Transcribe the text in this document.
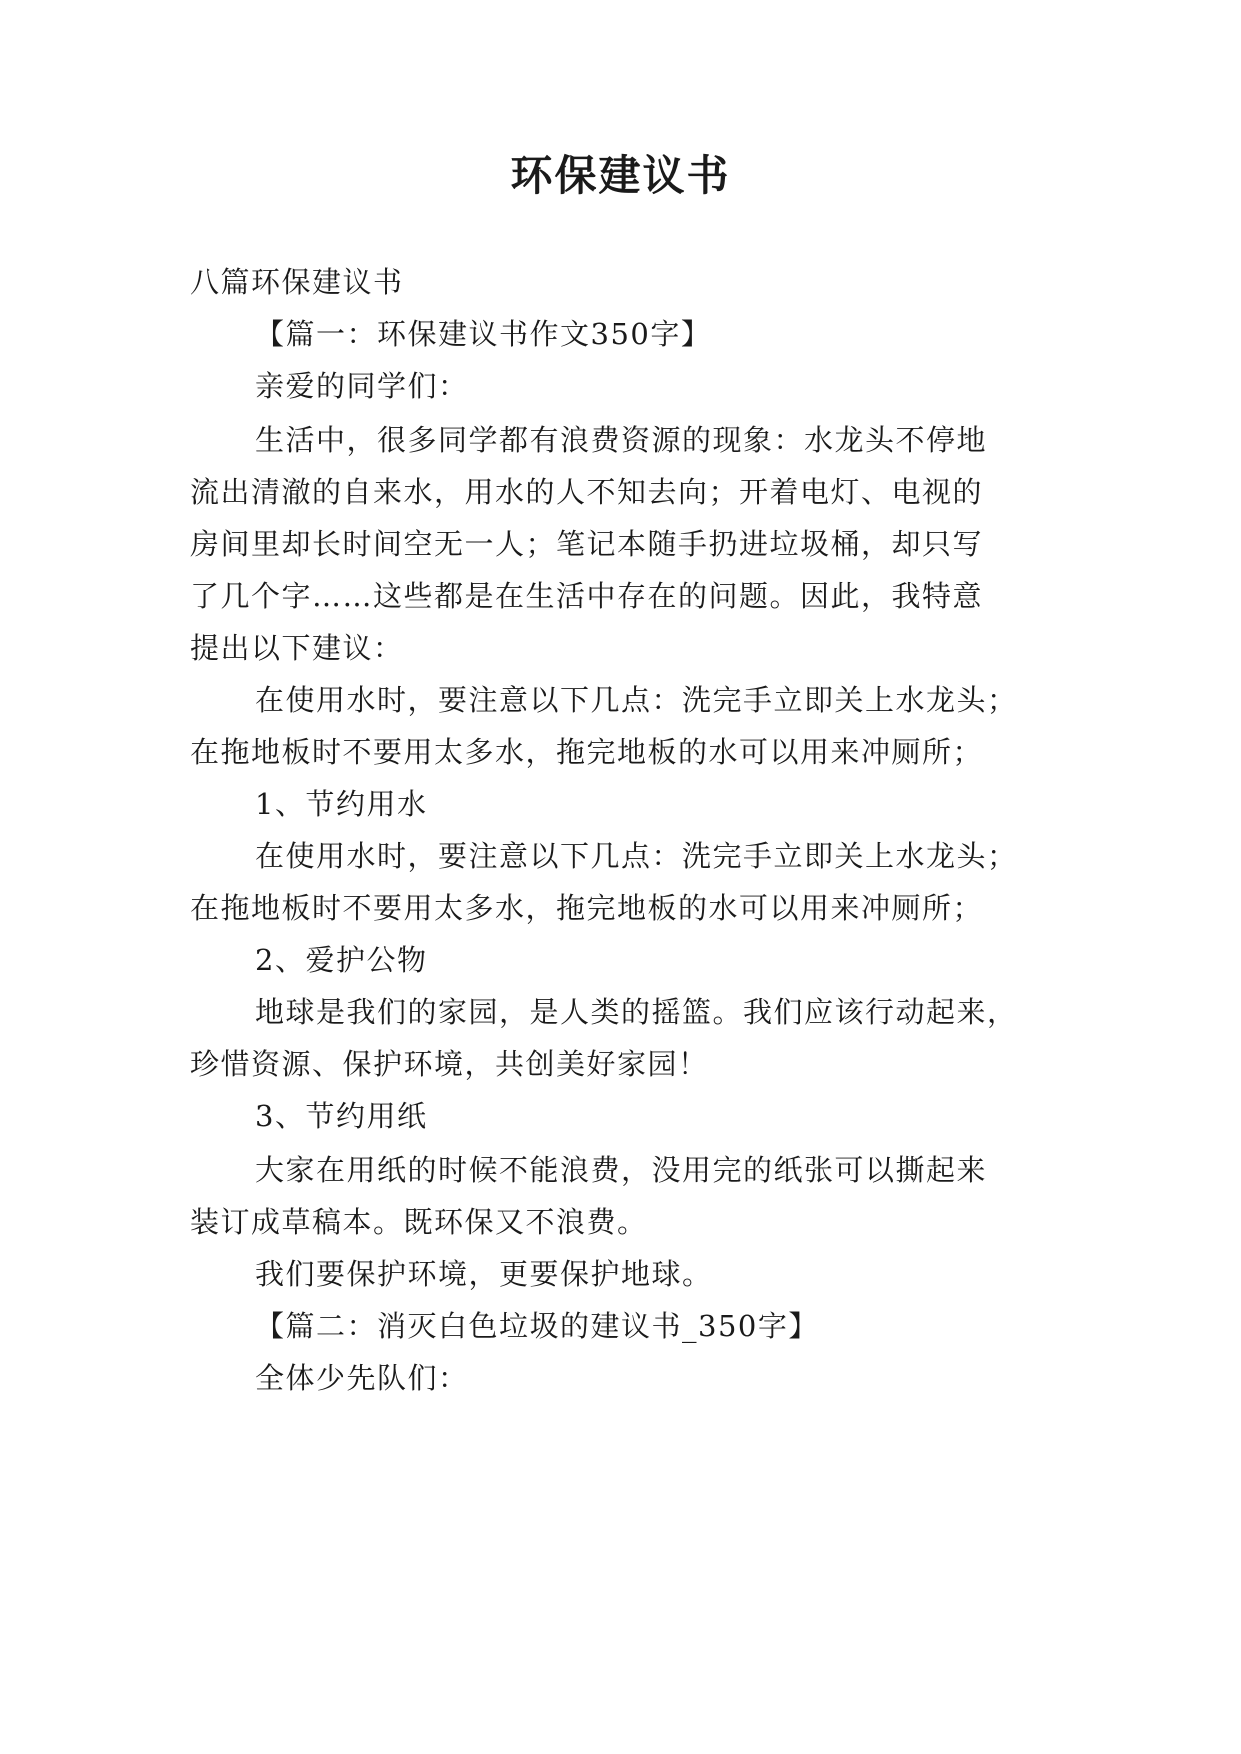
环保建议书
八篇环保建议书
【篇一：环保建议书作文350字】
亲爱的同学们：
生活中，很多同学都有浪费资源的现象：水龙头不停地
流出清澈的自来水，用水的人不知去向；开着电灯、电视的
房间里却长时间空无一人；笔记本随手扔进垃圾桶，却只写
了几个字……这些都是在生活中存在的问题。因此，我特意
提出以下建议：
在使用水时，要注意以下几点：洗完手立即关上水龙头；
在拖地板时不要用太多水，拖完地板的水可以用来冲厕所；
1、节约用水
在使用水时，要注意以下几点：洗完手立即关上水龙头；
在拖地板时不要用太多水，拖完地板的水可以用来冲厕所；
2、爱护公物
地球是我们的家园，是人类的摇篮。我们应该行动起来，
珍惜资源、保护环境，共创美好家园！
3、节约用纸
大家在用纸的时候不能浪费，没用完的纸张可以撕起来
装订成草稿本。既环保又不浪费。
我们要保护环境，更要保护地球。
【篇二：消灭白色垃圾的建议书_350字】
全体少先队们：
